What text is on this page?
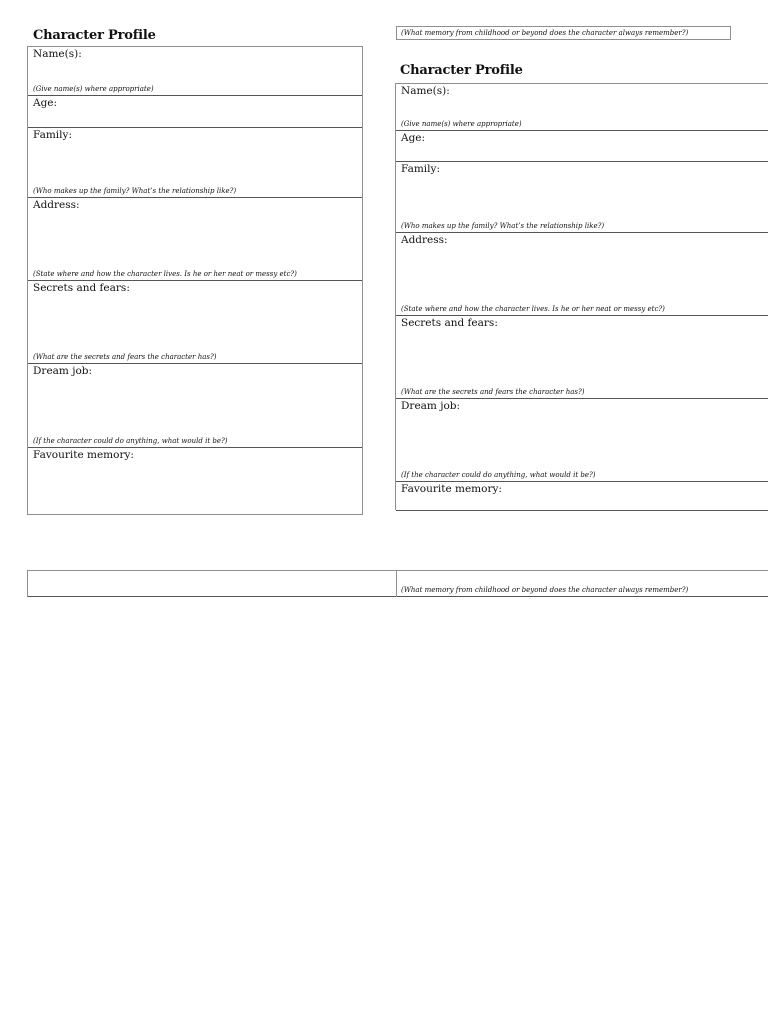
Character Profile
Name(s):
(Give name(s) where appropriate)
Age:
Family:
(Who makes up the family? What’s the relationship like?)
Address:
(State where and how the character lives. Is he or her neat or messy etc?)
Secrets and fears:
(What are the secrets and fears the character has?)
Dream job:
(If the character could do anything, what would it be?)
Favourite memory:
(What memory from childhood or beyond does the character always remember?)
Character Profile
Name(s):
(Give name(s) where appropriate)
Age:
Family:
(Who makes up the family? What’s the relationship like?)
Address:
(State where and how the character lives. Is he or her neat or messy etc?)
Secrets and fears:
(What are the secrets and fears the character has?)
Dream job:
(If the character could do anything, what would it be?)
Favourite memory:
(What memory from childhood or beyond does the character always remember?)
